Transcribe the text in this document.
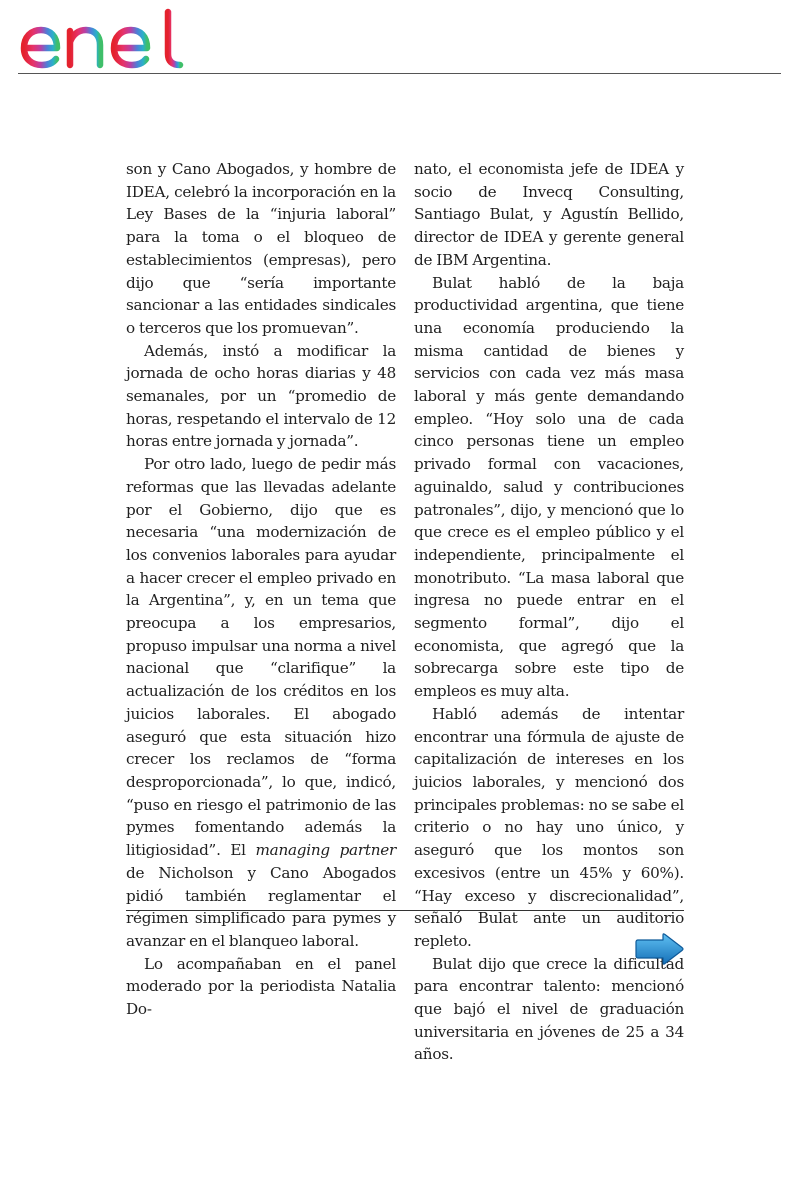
enel

son y Cano Abogados, y hombre de IDEA, celebró la incorporación en la Ley Bases de la “injuria laboral” para la toma o el bloqueo de establecimientos (empresas), pero dijo que “sería importante sancionar a las entidades sindicales o terceros que los promuevan”.

Además, instó a modificar la jornada de ocho horas diarias y 48 semanales, por un “promedio de horas, respetando el intervalo de 12 horas entre jornada y jornada”.

Por otro lado, luego de pedir más reformas que las llevadas adelante por el Gobierno, dijo que es necesaria “una modernización de los convenios laborales para ayudar a hacer crecer el empleo privado en la Argentina”, y, en un tema que preocupa a los empresarios, propuso impulsar una norma a nivel nacional que “clarifique” la actualización de los créditos en los juicios laborales. El abogado aseguró que esta situación hizo crecer los reclamos de “forma desproporcionada”, lo que, indicó, “puso en riesgo el patrimonio de las pymes fomentando además la litigiosidad”. El managing partner de Nicholson y Cano Abogados pidió también reglamentar el régimen simplificado para pymes y avanzar en el blanqueo laboral.

Lo acompañaban en el panel moderado por la periodista Natalia Do-

nato, el economista jefe de IDEA y socio de Invecq Consulting, Santiago Bulat, y Agustín Bellido, director de IDEA y gerente general de IBM Argentina.

Bulat habló de la baja productividad argentina, que tiene una economía produciendo la misma cantidad de bienes y servicios con cada vez más masa laboral y más gente demandando empleo. “Hoy solo una de cada cinco personas tiene un empleo privado formal con vacaciones, aguinaldo, salud y contribuciones patronales”, dijo, y mencionó que lo que crece es el empleo público y el independiente, principalmente el monotributo. “La masa laboral que ingresa no puede entrar en el segmento formal”, dijo el economista, que agregó que la sobrecarga sobre este tipo de empleos es muy alta.

Habló además de intentar encontrar una fórmula de ajuste de capitalización de intereses en los juicios laborales, y mencionó dos principales problemas: no se sabe el criterio o no hay uno único, y aseguró que los montos son excesivos (entre un 45% y 60%). “Hay exceso y discrecionalidad”, señaló Bulat ante un auditorio repleto.

Bulat dijo que crece la dificultad para encontrar talento: mencionó que bajó el nivel de graduación universitaria en jóvenes de 25 a 34 años.
